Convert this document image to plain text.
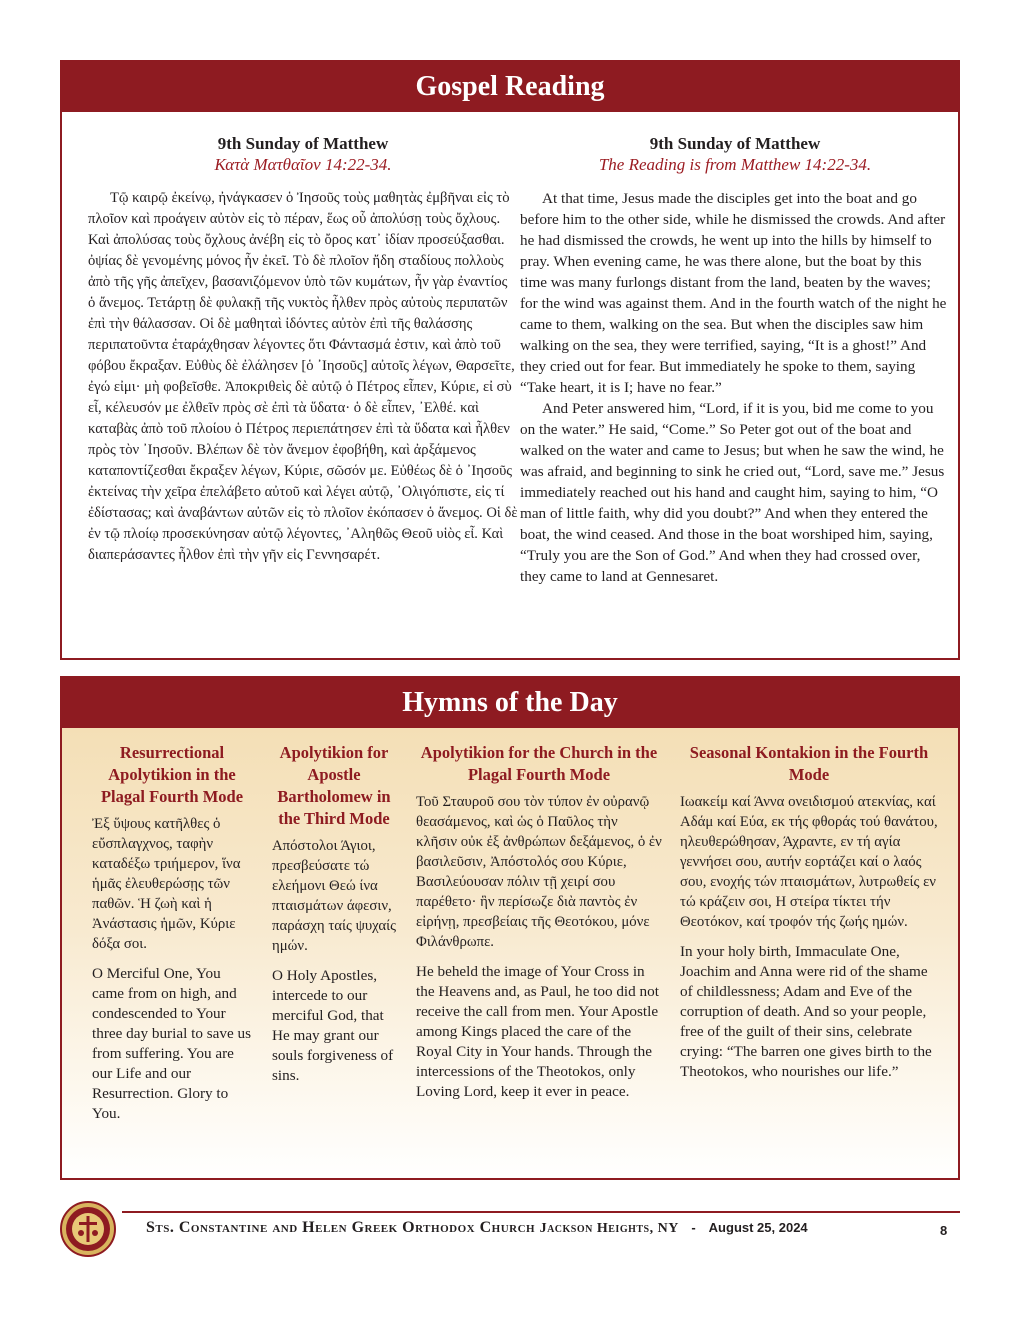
Gospel Reading
9th Sunday of Matthew
Κατὰ Ματθαῖον 14:22-34.

Τῷ καιρῷ ἐκείνῳ, ἠνάγκασεν ὁ Ἰησοῦς τοὺς μαθητὰς ἐμβῆναι εἰς τὸ πλοῖον καὶ προάγειν αὐτὸν εἰς τὸ πέραν, ἕως οὗ ἀπολύσῃ τοὺς ὄχλους. Καὶ ἀπολύσας τοὺς ὄχλους ἀνέβη εἰς τὸ ὄρος κατ᾽ ἰδίαν προσεύξασθαι. ὀψίας δὲ γενομένης μόνος ἦν ἐκεῖ. Τὸ δὲ πλοῖον ἤδη σταδίους πολλοὺς ἀπὸ τῆς γῆς ἀπεῖχεν, βασανιζόμενον ὑπὸ τῶν κυμάτων, ἦν γὰρ ἐναντίος ὁ ἄνεμος. Τετάρτῃ δὲ φυλακῇ τῆς νυκτὸς ἦλθεν πρὸς αὐτοὺς περιπατῶν ἐπὶ τὴν θάλασσαν. Οἱ δὲ μαθηταὶ ἰδόντες αὐτὸν ἐπὶ τῆς θαλάσσης περιπατοῦντα ἐταράχθησαν λέγοντες ὅτι Φάντασμά ἐστιν, καὶ ἀπὸ τοῦ φόβου ἔκραξαν. Εὐθὺς δὲ ἐλάλησεν [ὁ ᾿Ιησοῦς] αὐτοῖς λέγων, Θαρσεῖτε, ἐγώ εἰμι· μὴ φοβεῖσθε. Ἀποκριθεὶς δὲ αὐτῷ ὁ Πέτρος εἶπεν, Κύριε, εἰ σὺ εἶ, κέλευσόν με ἐλθεῖν πρὸς σὲ ἐπὶ τὰ ὕδατα· ὁ δὲ εἶπεν, ᾿Ελθέ. καὶ καταβὰς ἀπὸ τοῦ πλοίου ὁ Πέτρος περιεπάτησεν ἐπὶ τὰ ὕδατα καὶ ἦλθεν πρὸς τὸν ᾿Ιησοῦν. Βλέπων δὲ τὸν ἄνεμον ἐφοβήθη, καὶ ἀρξάμενος καταποντίζεσθαι ἔκραξεν λέγων, Κύριε, σῶσόν με. Εὐθέως δὲ ὁ ᾿Ιησοῦς ἐκτείνας τὴν χεῖρα ἐπελάβετο αὐτοῦ καὶ λέγει αὐτῷ, ᾿Ολιγόπιστε, εἰς τί ἐδίστασας; καὶ ἀναβάντων αὐτῶν εἰς τὸ πλοῖον ἐκόπασεν ὁ ἄνεμος. Οἱ δὲ ἐν τῷ πλοίῳ προσεκύνησαν αὐτῷ λέγοντες, ᾿Αληθῶς Θεοῦ υἱὸς εἶ. Καὶ διαπεράσαντες ἦλθον ἐπὶ τὴν γῆν εἰς Γεννησαρέτ.

9th Sunday of Matthew
The Reading is from Matthew 14:22-34.

At that time, Jesus made the disciples get into the boat and go before him to the other side, while he dismissed the crowds. And after he had dismissed the crowds, he went up into the hills by himself to pray. When evening came, he was there alone, but the boat by this time was many furlongs distant from the land, beaten by the waves; for the wind was against them. And in the fourth watch of the night he came to them, walking on the sea. But when the disciples saw him walking on the sea, they were terrified, saying, “It is a ghost!” And they cried out for fear. But immediately he spoke to them, saying “Take heart, it is I; have no fear.”

And Peter answered him, “Lord, if it is you, bid me come to you on the water.” He said, “Come.” So Peter got out of the boat and walked on the water and came to Jesus; but when he saw the wind, he was afraid, and beginning to sink he cried out, “Lord, save me.” Jesus immediately reached out his hand and caught him, saying to him, “O man of little faith, why did you doubt?” And when they entered the boat, the wind ceased. And those in the boat worshiped him, saying, “Truly you are the Son of God.” And when they had crossed over, they came to land at Gennesaret.

Hymns of the Day
Resurrectional Apolytikion in the Plagal Fourth Mode
Ἐξ ὕψους κατῆλθες ὁ εὔσπλαγχνος, ταφὴν καταδέξω τριήμερον, ἵνα ἡμᾶς ἐλευθερώσῃς τῶν παθῶν. Ἡ ζωὴ καὶ ἡ Ἀνάστασις ἡμῶν, Κύριε δόξα σοι.
O Merciful One, You came from on high, and condescended to Your three day burial to save us from suffering. You are our Life and our Resurrection. Glory to You.
Apolytikion for Apostle Bartholomew in the Third Mode
Απόστολοι Άγιοι, πρεσβεύσατε τώ ελεήμονι Θεώ ίνα πταισμάτων άφεσιν, παράσχη ταίς ψυχαίς ημών.
O Holy Apostles, intercede to our merciful God, that He may grant our souls forgiveness of sins.
Apolytikion for the Church in the Plagal Fourth Mode
Τοῦ Σταυροῦ σου τὸν τύπον ἐν οὐρανῷ θεασάμενος, καὶ ὡς ὁ Παῦλος τὴν κλῆσιν οὐκ ἐξ ἀνθρώπων δεξάμενος, ὁ ἐν βασιλεῦσιν, Ἀπόστολός σου Κύριε, Βασιλεύουσαν πόλιν τῇ χειρί σου παρέθετο· ἣν περίσωζε διὰ παντὸς ἐν εἰρήνῃ, πρεσβείαις τῆς Θεοτόκου, μόνε Φιλάνθρωπε.
He beheld the image of Your Cross in the Heavens and, as Paul, he too did not receive the call from men. Your Apostle among Kings placed the care of the Royal City in Your hands. Through the intercessions of the Theotokos, only Loving Lord, keep it ever in peace.
Seasonal Kontakion in the Fourth Mode
Ιωακείμ καί Άννα ονειδισμού ατεκνίας, καί Αδάμ καί Εύα, εκ τής φθοράς τού θανάτου, ηλευθερώθησαν, Άχραντε, εν τή αγία γεννήσει σου, αυτήν εορτάζει καί ο λαός σου, ενοχής τών πταισμάτων, λυτρωθείς εν τώ κράζειν σοι, Η στείρα τίκτει τήν Θεοτόκον, καί τροφόν τής ζωής ημών.
In your holy birth, Immaculate One, Joachim and Anna were rid of the shame of childlessness; Adam and Eve of the corruption of death. And so your people, free of the guilt of their sins, celebrate crying: “The barren one gives birth to the Theotokos, who nourishes our life.”
Sts. Constantine and Helen Greek Orthodox Church Jackson Heights, NY - August 25, 2024	8
